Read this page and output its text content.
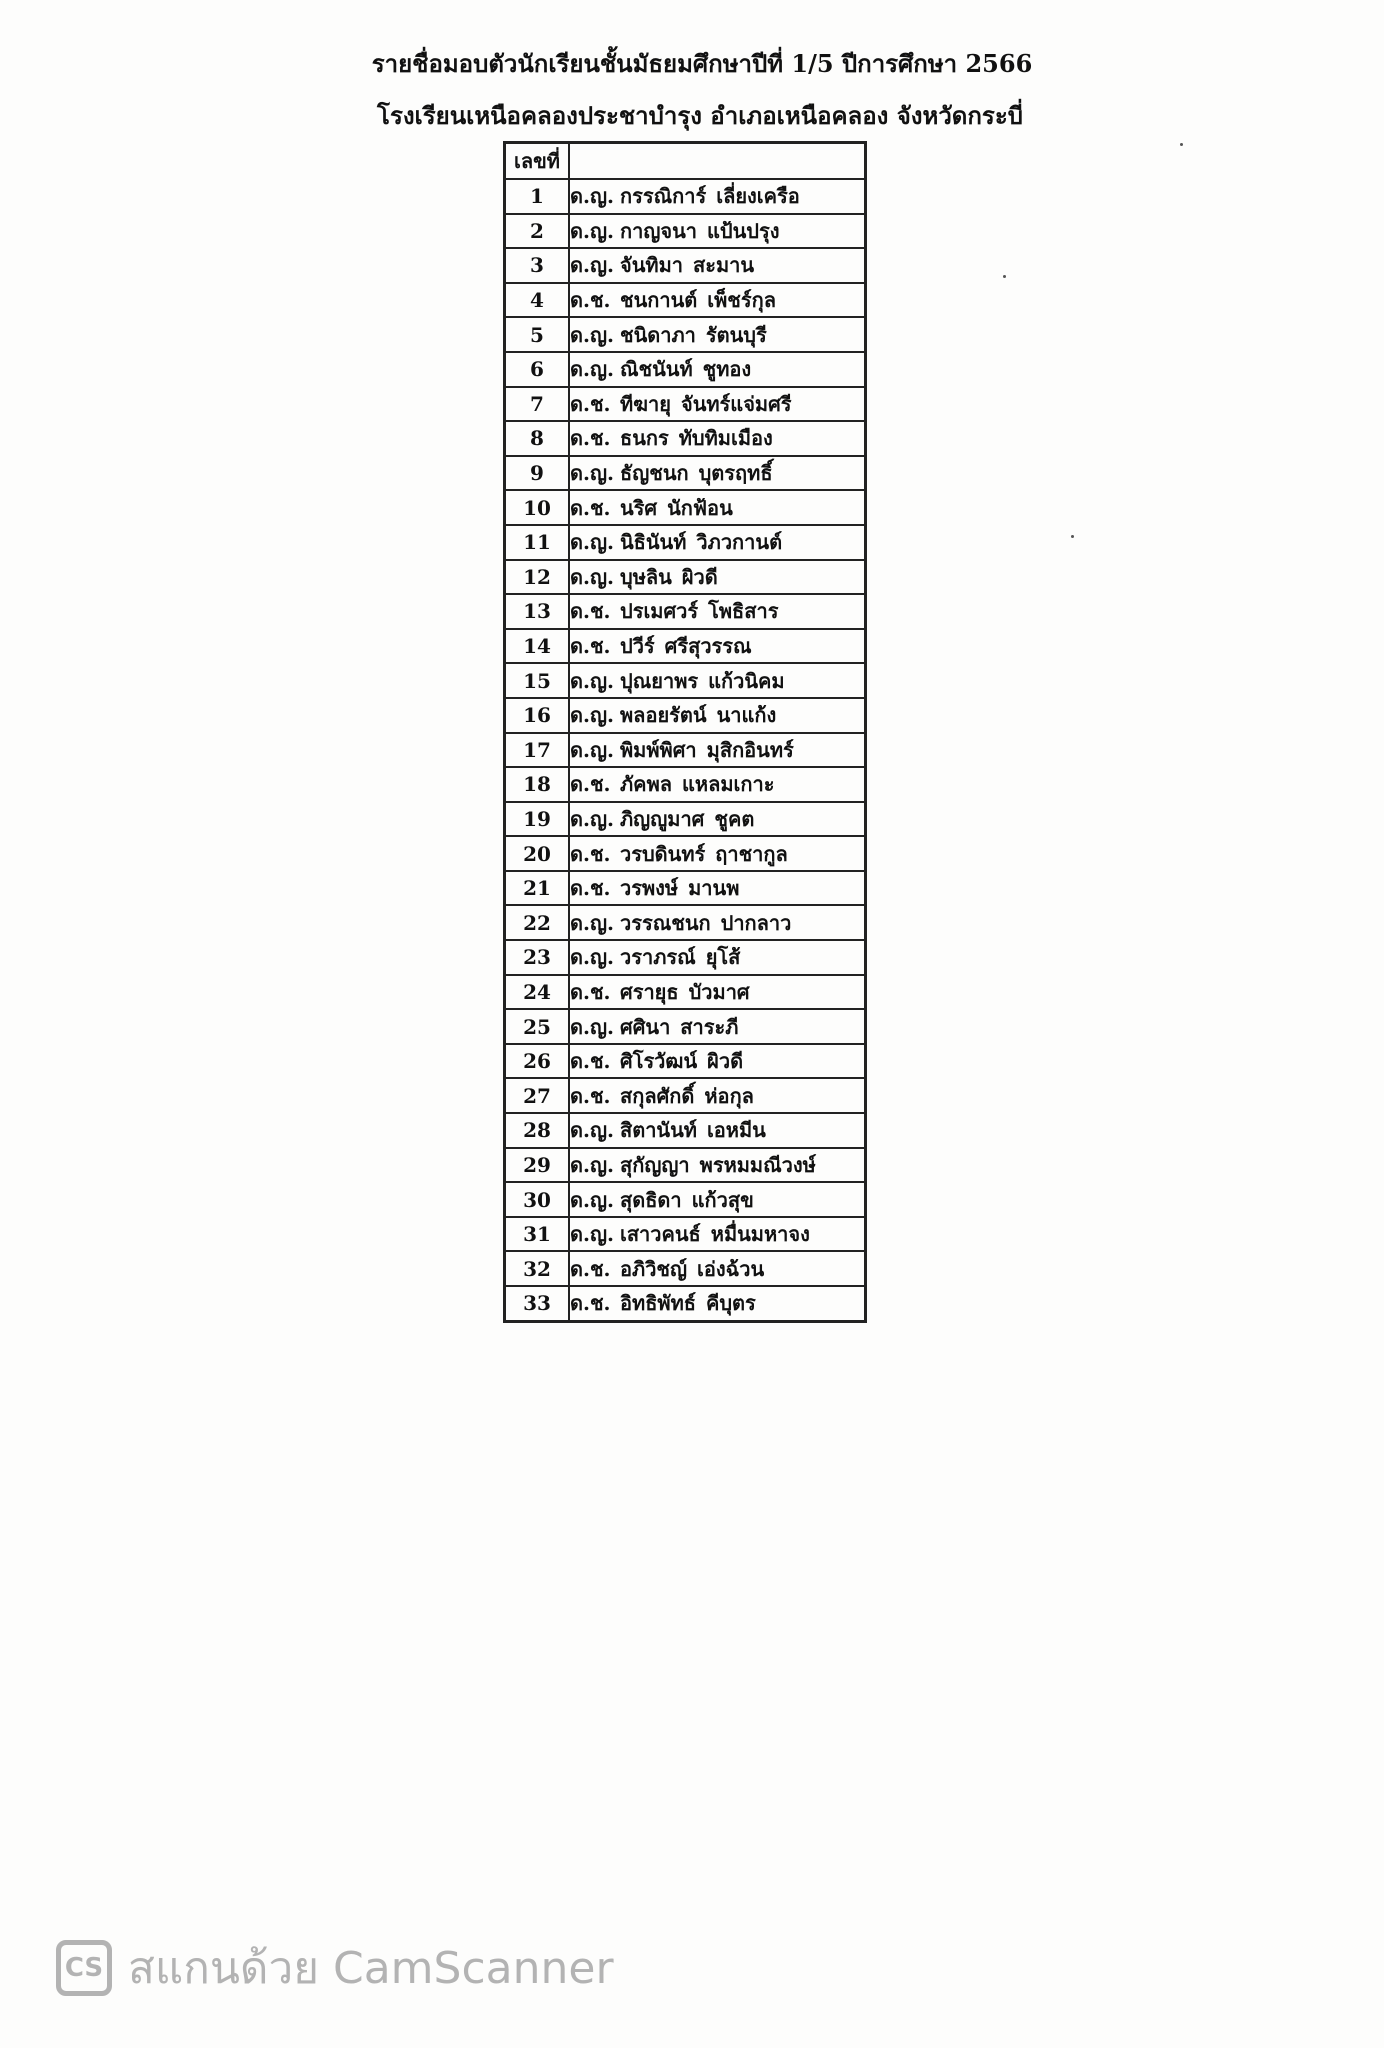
รายชื่อมอบตัวนักเรียนชั้นมัธยมศึกษาปีที่ 1/5 ปีการศึกษา 2566
โรงเรียนเหนือคลองประชาบำรุง อำเภอเหนือคลอง จังหวัดกระบี่
เลขที่	
1	ด.ญ. กรรณิการ์ เลี่ยงเครือ
2	ด.ญ. กาญจนา แป้นปรุง
3	ด.ญ. จันทิมา สะมาน
4	ด.ช. ชนกานต์ เพ็ชร์กุล
5	ด.ญ. ชนิดาภา รัตนบุรี
6	ด.ญ. ณิชนันท์ ชูทอง
7	ด.ช. ทีฆายุ จันทร์แจ่มศรี
8	ด.ช. ธนกร ทับทิมเมือง
9	ด.ญ. ธัญชนก บุตรฤทธิ์
10	ด.ช. นริศ นักฟ้อน
11	ด.ญ. นิธินันท์ วิภวกานต์
12	ด.ญ. บุษลิน ผิวดี
13	ด.ช. ปรเมศวร์ โพธิสาร
14	ด.ช. ปวีร์ ศรีสุวรรณ
15	ด.ญ. ปุณยาพร แก้วนิคม
16	ด.ญ. พลอยรัตน์ นาแก้ง
17	ด.ญ. พิมพ์พิศา มุสิกอินทร์
18	ด.ช. ภัคพล แหลมเกาะ
19	ด.ญ. ภิญญูมาศ ชูคต
20	ด.ช. วรบดินทร์ ฤาชากูล
21	ด.ช. วรพงษ์ มานพ
22	ด.ญ. วรรณชนก ปากลาว
23	ด.ญ. วราภรณ์ ยุโส้
24	ด.ช. ศรายุธ บัวมาศ
25	ด.ญ. ศศินา สาระภี
26	ด.ช. ศิโรวัฒน์ ผิวดี
27	ด.ช. สกุลศักดิ์ ห่อกุล
28	ด.ญ. สิตานันท์ เอหมีน
29	ด.ญ. สุกัญญา พรหมมณีวงษ์
30	ด.ญ. สุดธิดา แก้วสุข
31	ด.ญ. เสาวคนธ์ หมื่นมหาจง
32	ด.ช. อภิวิชญ์ เอ่งฉ้วน
33	ด.ช. อิทธิพัทธ์ คีบุตร
CS สแกนด้วย CamScanner
